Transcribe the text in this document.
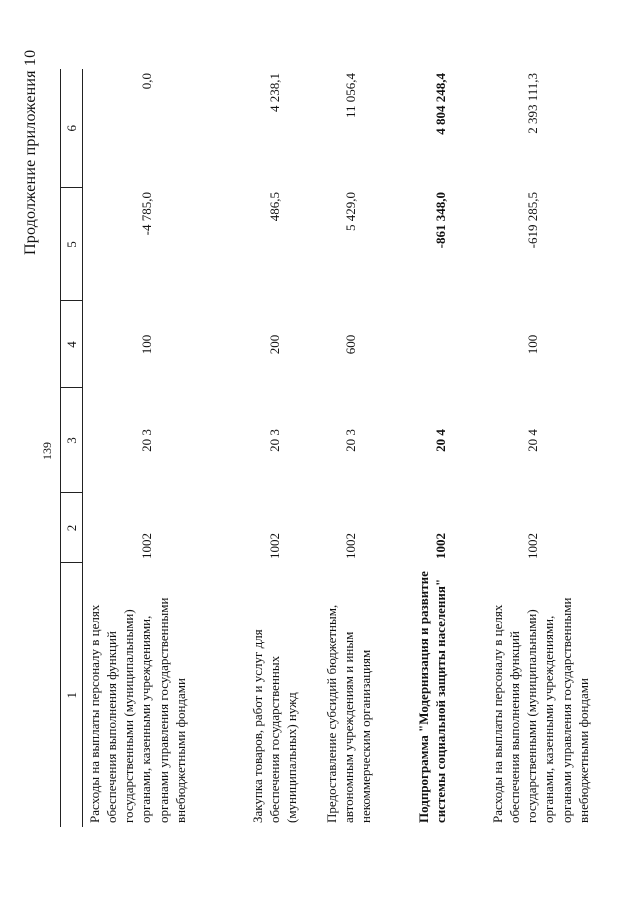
139
Продолжение приложения 10
1	2	3	4	5	6
Расходы на выплаты персоналу в целях обеспечения выполнения функций государственными (муниципальными) органами, казенными учреждениями, органами управления государственными внебюджетными фондами	1002	20 3	100	-4 785,0	0,0
Закупка товаров, работ и услуг для обеспечения государственных (муниципальных) нужд	1002	20 3	200	486,5	4 238,1
Предоставление субсидий бюджетным, автономным учреждениям и иным некоммерческим организациям	1002	20 3	600	5 429,0	11 056,4
Подпрограмма "Модернизация и развитие системы социальной защиты населения"	1002	20 4		-861 348,0	4 804 248,4
Расходы на выплаты персоналу в целях обеспечения выполнения функций государственными (муниципальными) органами, казенными учреждениями, органами управления государственными внебюджетными фондами	1002	20 4	100	-619 285,5	2 393 111,3
